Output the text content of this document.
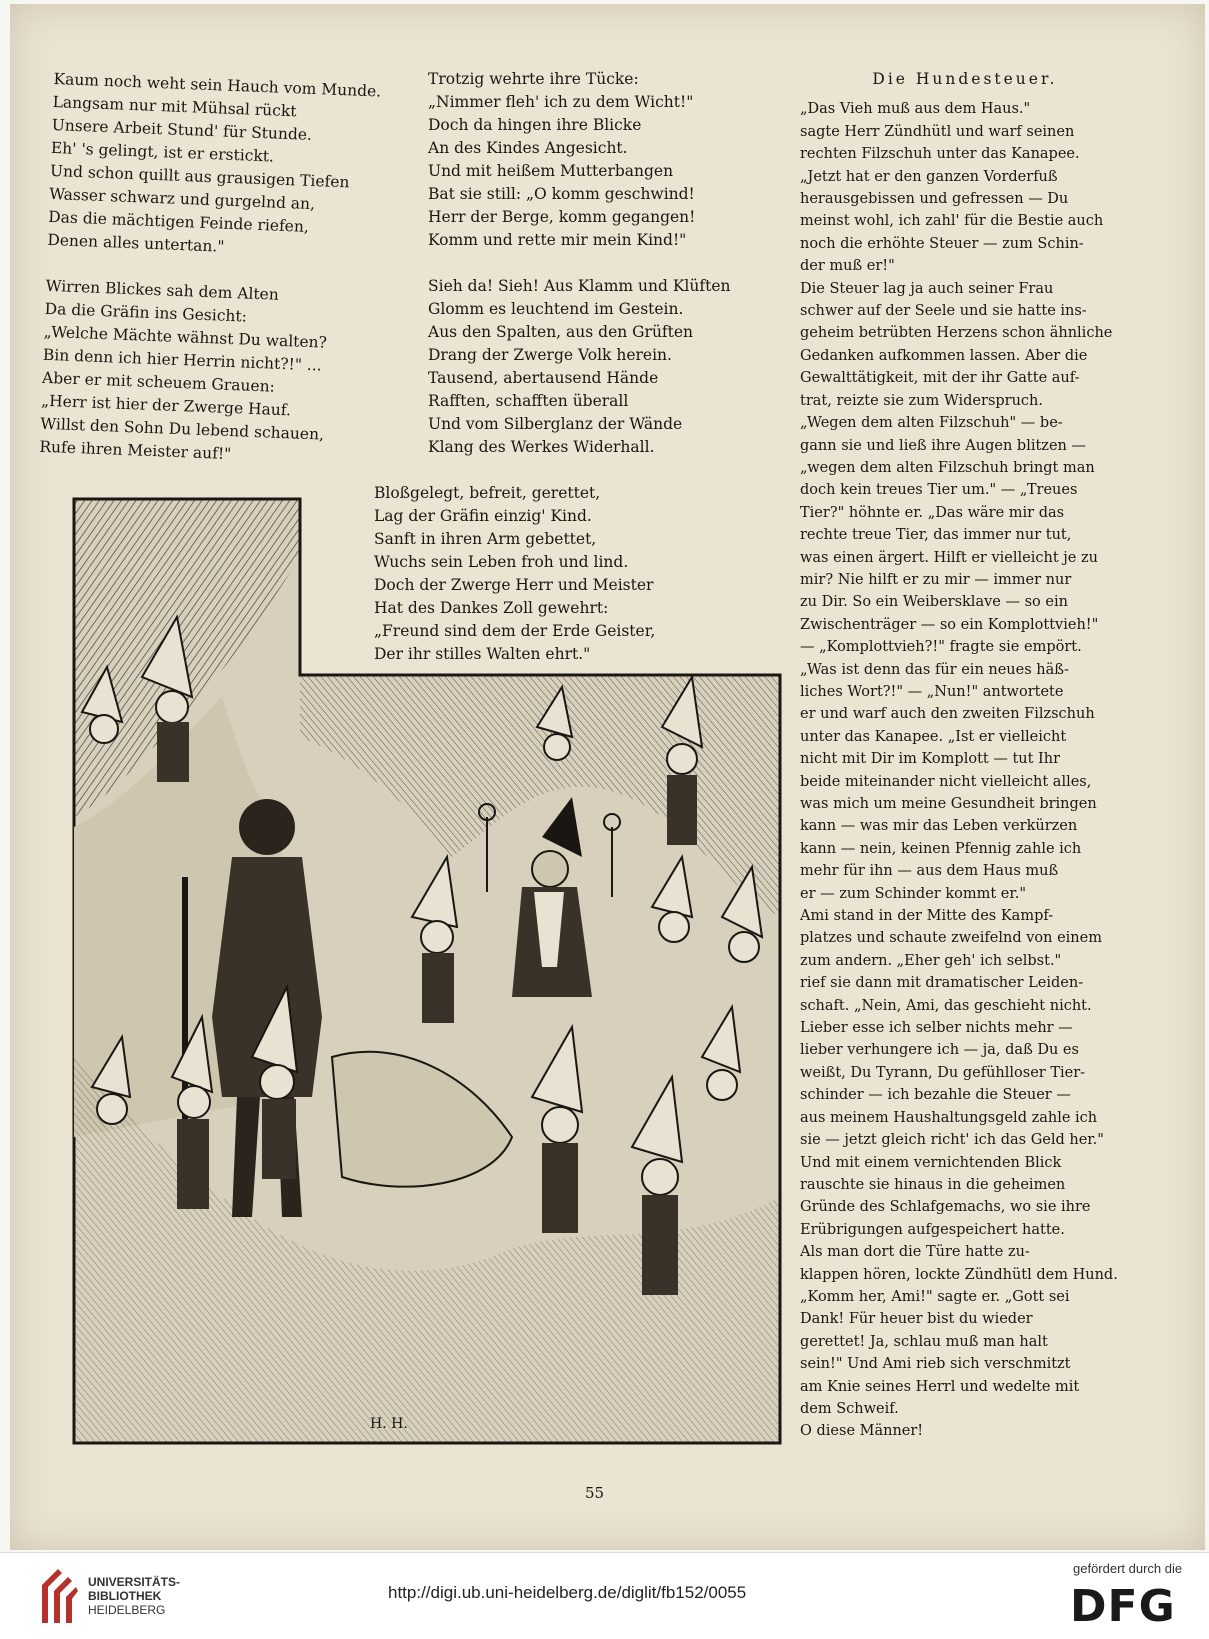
Kaum noch weht sein Hauch vom Munde.
Langsam nur mit Mühsal rückt
Unsere Arbeit Stund' für Stunde.
Eh' 's gelingt, ist er erstickt.
Und schon quillt aus grausigen Tiefen
Wasser schwarz und gurgelnd an,
Das die mächtigen Feinde riefen,
Denen alles untertan."
Wirren Blickes sah dem Alten
Da die Gräfin ins Gesicht:
„Welche Mächte wähnst Du walten?
Bin denn ich hier Herrin nicht?!" ...
Aber er mit scheuem Grauen:
„Herr ist hier der Zwerge Hauf.
Willst den Sohn Du lebend schauen,
Rufe ihren Meister auf!"
Trotzig wehrte ihre Tücke:
„Nimmer fleh' ich zu dem Wicht!"
Doch da hingen ihre Blicke
An des Kindes Angesicht.
Und mit heißem Mutterbangen
Bat sie still: „O komm geschwind!
Herr der Berge, komm gegangen!
Komm und rette mir mein Kind!"
Sieh da! Sieh! Aus Klamm und Klüften
Glomm es leuchtend im Gestein.
Aus den Spalten, aus den Grüften
Drang der Zwerge Volk herein.
Tausend, abertausend Hände
Rafften, schafften überall
Und vom Silberglanz der Wände
Klang des Werkes Widerhall.
Bloßgelegt, befreit, gerettet,
Lag der Gräfin einzig' Kind.
Sanft in ihren Arm gebettet,
Wuchs sein Leben froh und lind.
Doch der Zwerge Herr und Meister
Hat des Dankes Zoll gewehrt:
„Freund sind dem der Erde Geister,
Der ihr stilles Walten ehrt."
Die Hundesteuer.
„Das Vieh muß aus dem Haus."
sagte Herr Zündhütl und warf seinen
rechten Filzschuh unter das Kanapee.
„Jetzt hat er den ganzen Vorderfuß
herausgebissen und gefressen — Du
meinst wohl, ich zahl' für die Bestie auch
noch die erhöhte Steuer — zum Schin-
der muß er!"
Die Steuer lag ja auch seiner Frau
schwer auf der Seele und sie hatte ins-
geheim betrübten Herzens schon ähnliche
Gedanken aufkommen lassen. Aber die
Gewalttätigkeit, mit der ihr Gatte auf-
trat, reizte sie zum Widerspruch.
„Wegen dem alten Filzschuh" — be-
gann sie und ließ ihre Augen blitzen —
„wegen dem alten Filzschuh bringt man
doch kein treues Tier um." — „Treues
Tier?" höhnte er. „Das wäre mir das
rechte treue Tier, das immer nur tut,
was einen ärgert. Hilft er vielleicht je zu
mir? Nie hilft er zu mir — immer nur
zu Dir. So ein Weibersklave — so ein
Zwischenträger — so ein Komplottvieh!"
— „Komplottvieh?!" fragte sie empört.
„Was ist denn das für ein neues häß-
liches Wort?!" — „Nun!" antwortete
er und warf auch den zweiten Filzschuh
unter das Kanapee. „Ist er vielleicht
nicht mit Dir im Komplott — tut Ihr
beide miteinander nicht vielleicht alles,
was mich um meine Gesundheit bringen
kann — was mir das Leben verkürzen
kann — nein, keinen Pfennig zahle ich
mehr für ihn — aus dem Haus muß
er — zum Schinder kommt er."
Ami stand in der Mitte des Kampf-
platzes und schaute zweifelnd von einem
zum andern. „Eher geh' ich selbst."
rief sie dann mit dramatischer Leiden-
schaft. „Nein, Ami, das geschieht nicht.
Lieber esse ich selber nichts mehr —
lieber verhungere ich — ja, daß Du es
weißt, Du Tyrann, Du gefühlloser Tier-
schinder — ich bezahle die Steuer —
aus meinem Haushaltungsgeld zahle ich
sie — jetzt gleich richt' ich das Geld her."
Und mit einem vernichtenden Blick
rauschte sie hinaus in die geheimen
Gründe des Schlafgemachs, wo sie ihre
Erübrigungen aufgespeichert hatte.
Als man dort die Türe hatte zu-
klappen hören, lockte Zündhütl dem Hund.
„Komm her, Ami!" sagte er. „Gott sei
Dank! Für heuer bist du wieder
gerettet! Ja, schlau muß man halt
sein!" Und Ami rieb sich verschmitzt
am Knie seines Herrl und wedelte mit
dem Schweif.
O diese Männer!
H. H.
55
UNIVERSITÄTS-
BIBLIOTHEK
HEIDELBERG
http://digi.ub.uni-heidelberg.de/diglit/fb152/0055
gefördert durch die
DFG
